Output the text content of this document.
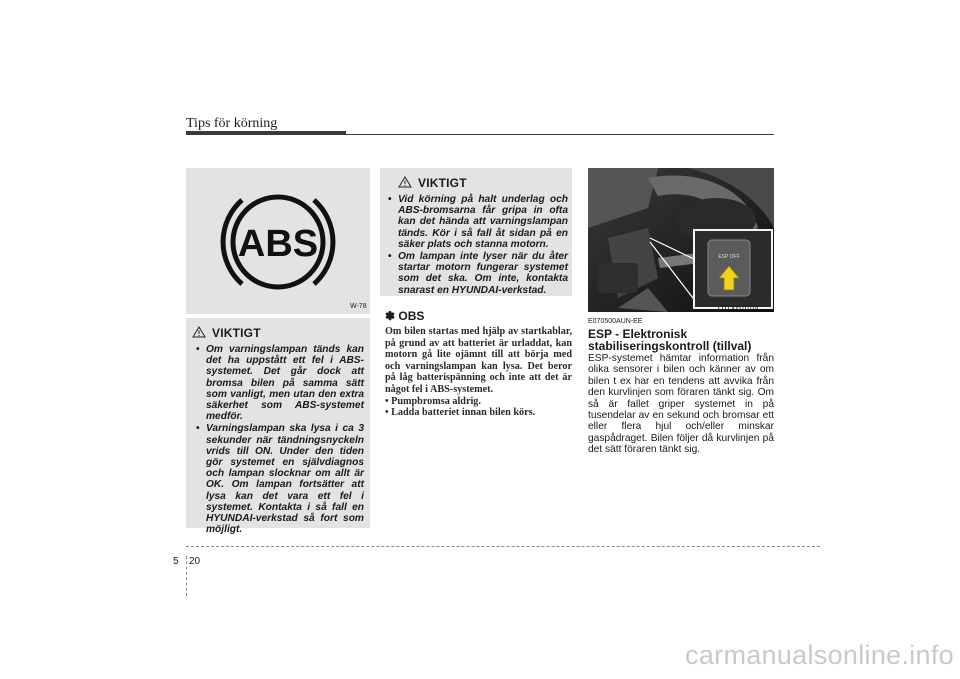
Tips för körning
ABS
W-78
VIKTIGT
• Om varningslampan tänds kan det ha uppstått ett fel i ABS-systemet. Det går dock att bromsa bilen på samma sätt som vanligt, men utan den extra säkerhet som ABS-systemet medför.
• Varningslampan ska lysa i ca 3 sekunder när tändningsnyckeln vrids till ON. Under den tiden gör systemet en självdiagnos och lampan slocknar om allt är OK. Om lampan fortsätter att lysa kan det vara ett fel i systemet. Kontakta i så fall en HYUNDAI-verkstad så fort som möjligt.
VIKTIGT
• Vid körning på halt underlag och ABS-bromsarna får gripa in ofta kan det hända att varningslampan tänds. Kör i så fall åt sidan på en säker plats och stanna motorn.
• Om lampan inte lyser när du åter startar motorn fungerar systemet som det ska. Om inte, kontakta snarast en HYUNDAI-verkstad.
✽ OBS
Om bilen startas med hjälp av startkablar, på grund av att batteriet är urladdat, kan motorn gå lite ojämnt till att börja med och varningslampan kan lysa. Det beror på låg batterispänning och inte att det är något fel i ABS-systemet.
• Pumpbromsa aldrig.
• Ladda batteriet innan bilen körs.
ESP OFF
OTQ057010L
E070500AUN-EE
ESP - Elektronisk stabiliseringskontroll (tillval)
ESP-systemet hämtar information från olika sensorer i bilen och känner av om bilen t ex har en tendens att avvika från den kurvlinjen som föraren tänkt sig. Om så är fallet griper systemet in på tusendelar av en sekund och bromsar ett eller flera hjul och/eller minskar gaspådraget. Bilen följer då kurvlinjen på det sätt föraren tänkt sig.
5 20
carmanualsonline.info
